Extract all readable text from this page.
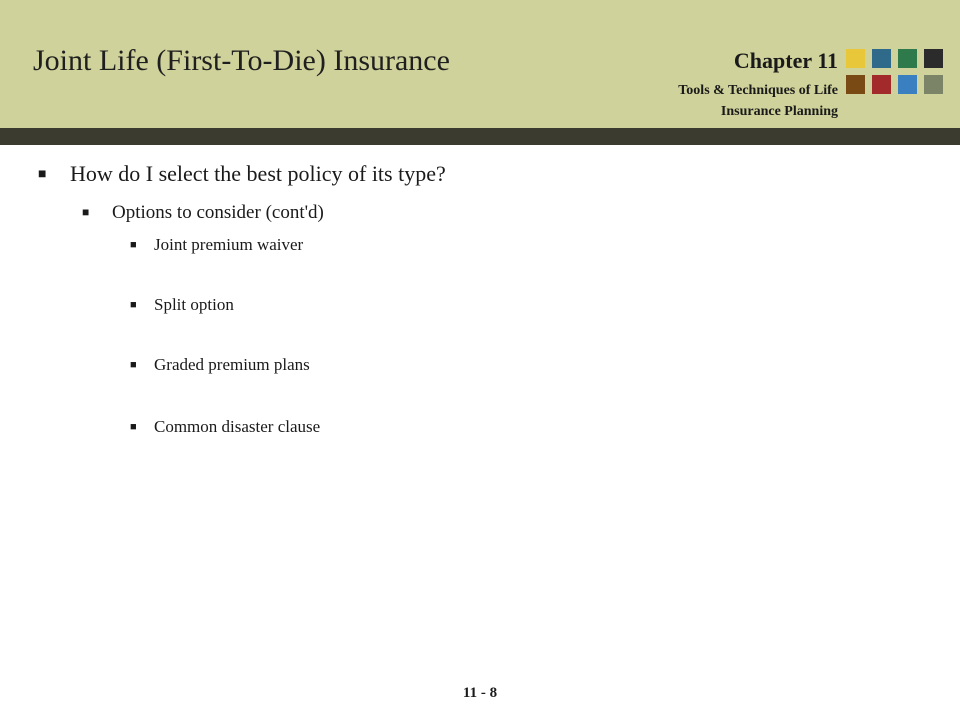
Joint Life (First-To-Die) Insurance	Chapter 11
Tools & Techniques of Life
Insurance Planning
■ How do I select the best policy of its type?
■ Options to consider (cont'd)
■ Joint premium waiver
■ Split option
■ Graded premium plans
■ Common disaster clause
11 - 8
